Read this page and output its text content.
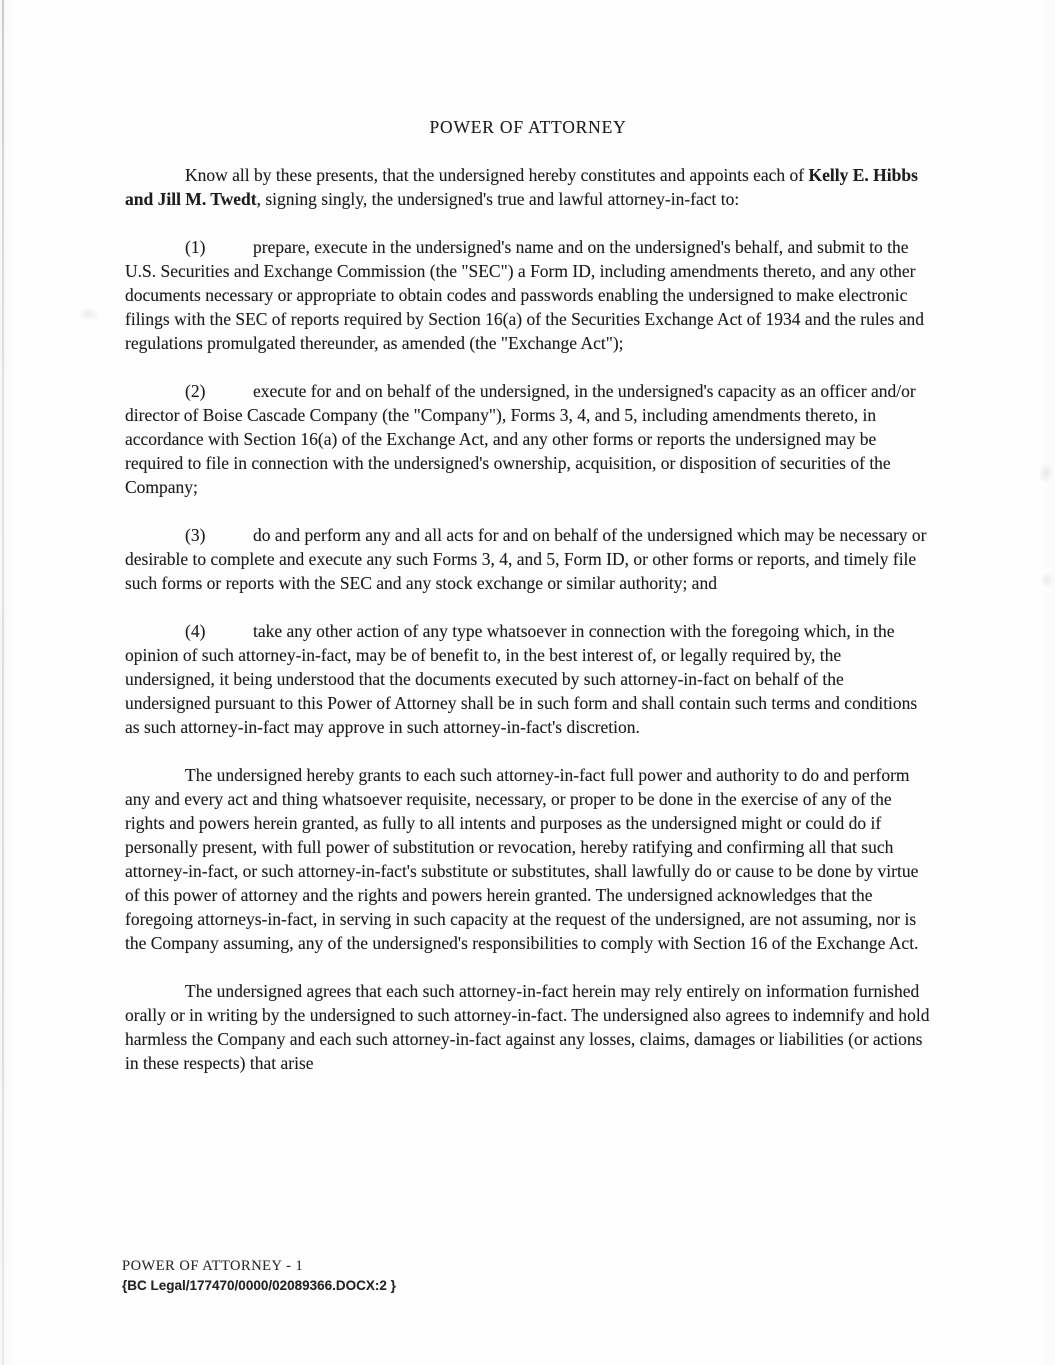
POWER OF ATTORNEY

Know all by these presents, that the undersigned hereby constitutes and appoints each of Kelly E. Hibbs and Jill M. Twedt, signing singly, the undersigned's true and lawful attorney-in-fact to:

(1)	prepare, execute in the undersigned's name and on the undersigned's behalf, and submit to the U.S. Securities and Exchange Commission (the "SEC") a Form ID, including amendments thereto, and any other documents necessary or appropriate to obtain codes and passwords enabling the undersigned to make electronic filings with the SEC of reports required by Section 16(a) of the Securities Exchange Act of 1934 and the rules and regulations promulgated thereunder, as amended (the "Exchange Act");

(2)	execute for and on behalf of the undersigned, in the undersigned's capacity as an officer and/or director of Boise Cascade Company (the "Company"), Forms 3, 4, and 5, including amendments thereto, in accordance with Section 16(a) of the Exchange Act, and any other forms or reports the undersigned may be required to file in connection with the undersigned's ownership, acquisition, or disposition of securities of the Company;

(3)	do and perform any and all acts for and on behalf of the undersigned which may be necessary or desirable to complete and execute any such Forms 3, 4, and 5, Form ID, or other forms or reports, and timely file such forms or reports with the SEC and any stock exchange or similar authority; and

(4)	take any other action of any type whatsoever in connection with the foregoing which, in the opinion of such attorney-in-fact, may be of benefit to, in the best interest of, or legally required by, the undersigned, it being understood that the documents executed by such attorney-in-fact on behalf of the undersigned pursuant to this Power of Attorney shall be in such form and shall contain such terms and conditions as such attorney-in-fact may approve in such attorney-in-fact's discretion.

The undersigned hereby grants to each such attorney-in-fact full power and authority to do and perform any and every act and thing whatsoever requisite, necessary, or proper to be done in the exercise of any of the rights and powers herein granted, as fully to all intents and purposes as the undersigned might or could do if personally present, with full power of substitution or revocation, hereby ratifying and confirming all that such attorney-in-fact, or such attorney-in-fact's substitute or substitutes, shall lawfully do or cause to be done by virtue of this power of attorney and the rights and powers herein granted. The undersigned acknowledges that the foregoing attorneys-in-fact, in serving in such capacity at the request of the undersigned, are not assuming, nor is the Company assuming, any of the undersigned's responsibilities to comply with Section 16 of the Exchange Act.

The undersigned agrees that each such attorney-in-fact herein may rely entirely on information furnished orally or in writing by the undersigned to such attorney-in-fact. The undersigned also agrees to indemnify and hold harmless the Company and each such attorney-in-fact against any losses, claims, damages or liabilities (or actions in these respects) that arise

POWER OF ATTORNEY - 1
{BC Legal/177470/0000/02089366.DOCX:2 }
